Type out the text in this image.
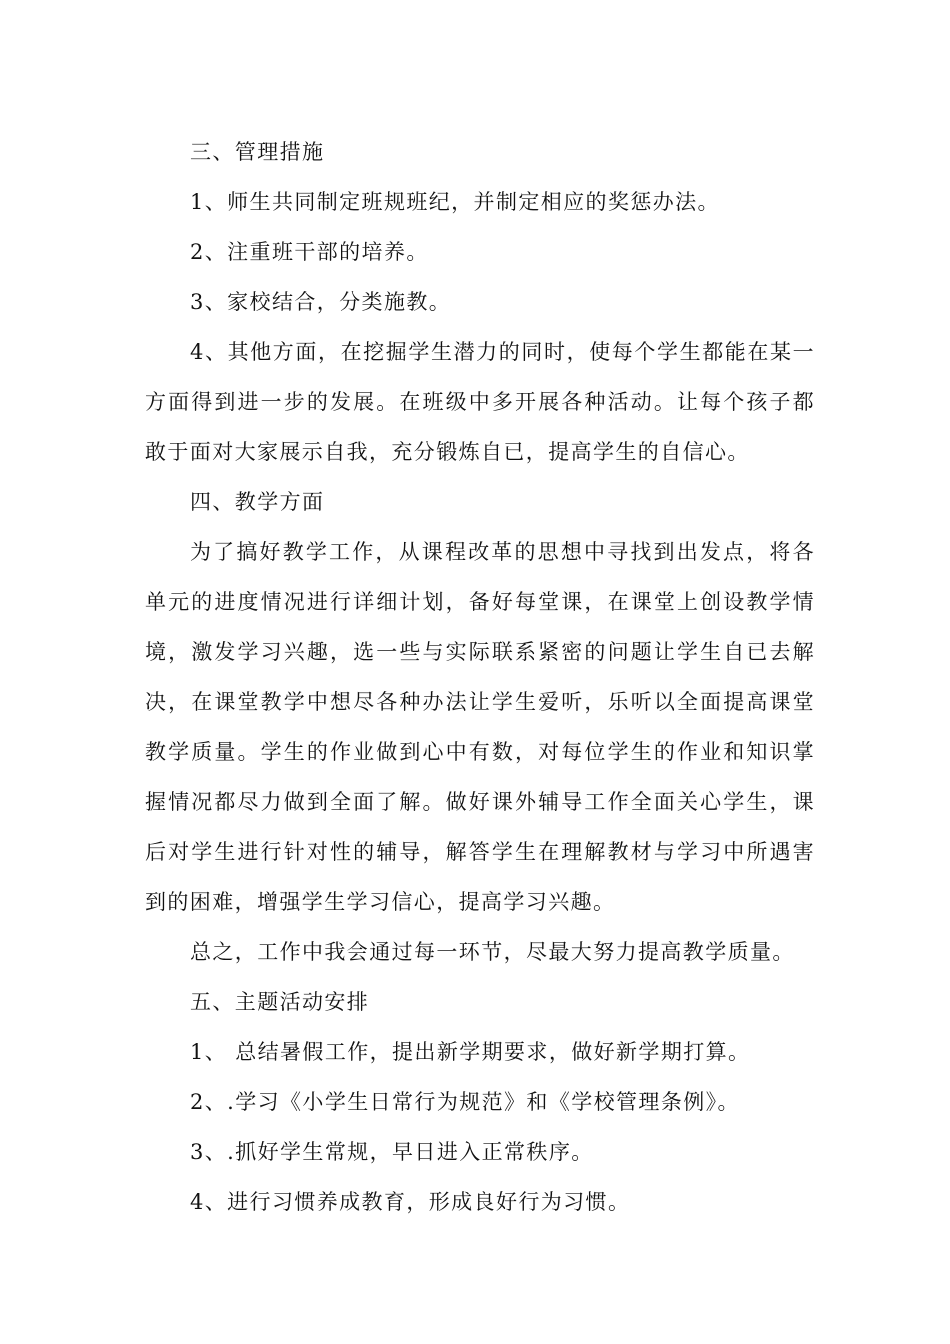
三、管理措施
1、师生共同制定班规班纪，并制定相应的奖惩办法。
2、注重班干部的培养。
3、家校结合，分类施教。
4、其他方面，在挖掘学生潜力的同时，使每个学生都能在某一
方面得到进一步的发展。在班级中多开展各种活动。让每个孩子都
敢于面对大家展示自我，充分锻炼自已，提高学生的自信心。
四、教学方面
为了搞好教学工作，从课程改革的思想中寻找到出发点，将各
单元的进度情况进行详细计划，备好每堂课，在课堂上创设教学情
境，激发学习兴趣，选一些与实际联系紧密的问题让学生自已去解
决，在课堂教学中想尽各种办法让学生爱听，乐听以全面提高课堂
教学质量。学生的作业做到心中有数，对每位学生的作业和知识掌
握情况都尽力做到全面了解。做好课外辅导工作全面关心学生，课
后对学生进行针对性的辅导，解答学生在理解教材与学习中所遇害
到的困难，增强学生学习信心，提高学习兴趣。
总之，工作中我会通过每一环节，尽最大努力提高教学质量。
五、主题活动安排
1、 总结暑假工作，提出新学期要求，做好新学期打算。
2、.学习《小学生日常行为规范》和《学校管理条例》。
3、.抓好学生常规，早日进入正常秩序。
4、进行习惯养成教育，形成良好行为习惯。
